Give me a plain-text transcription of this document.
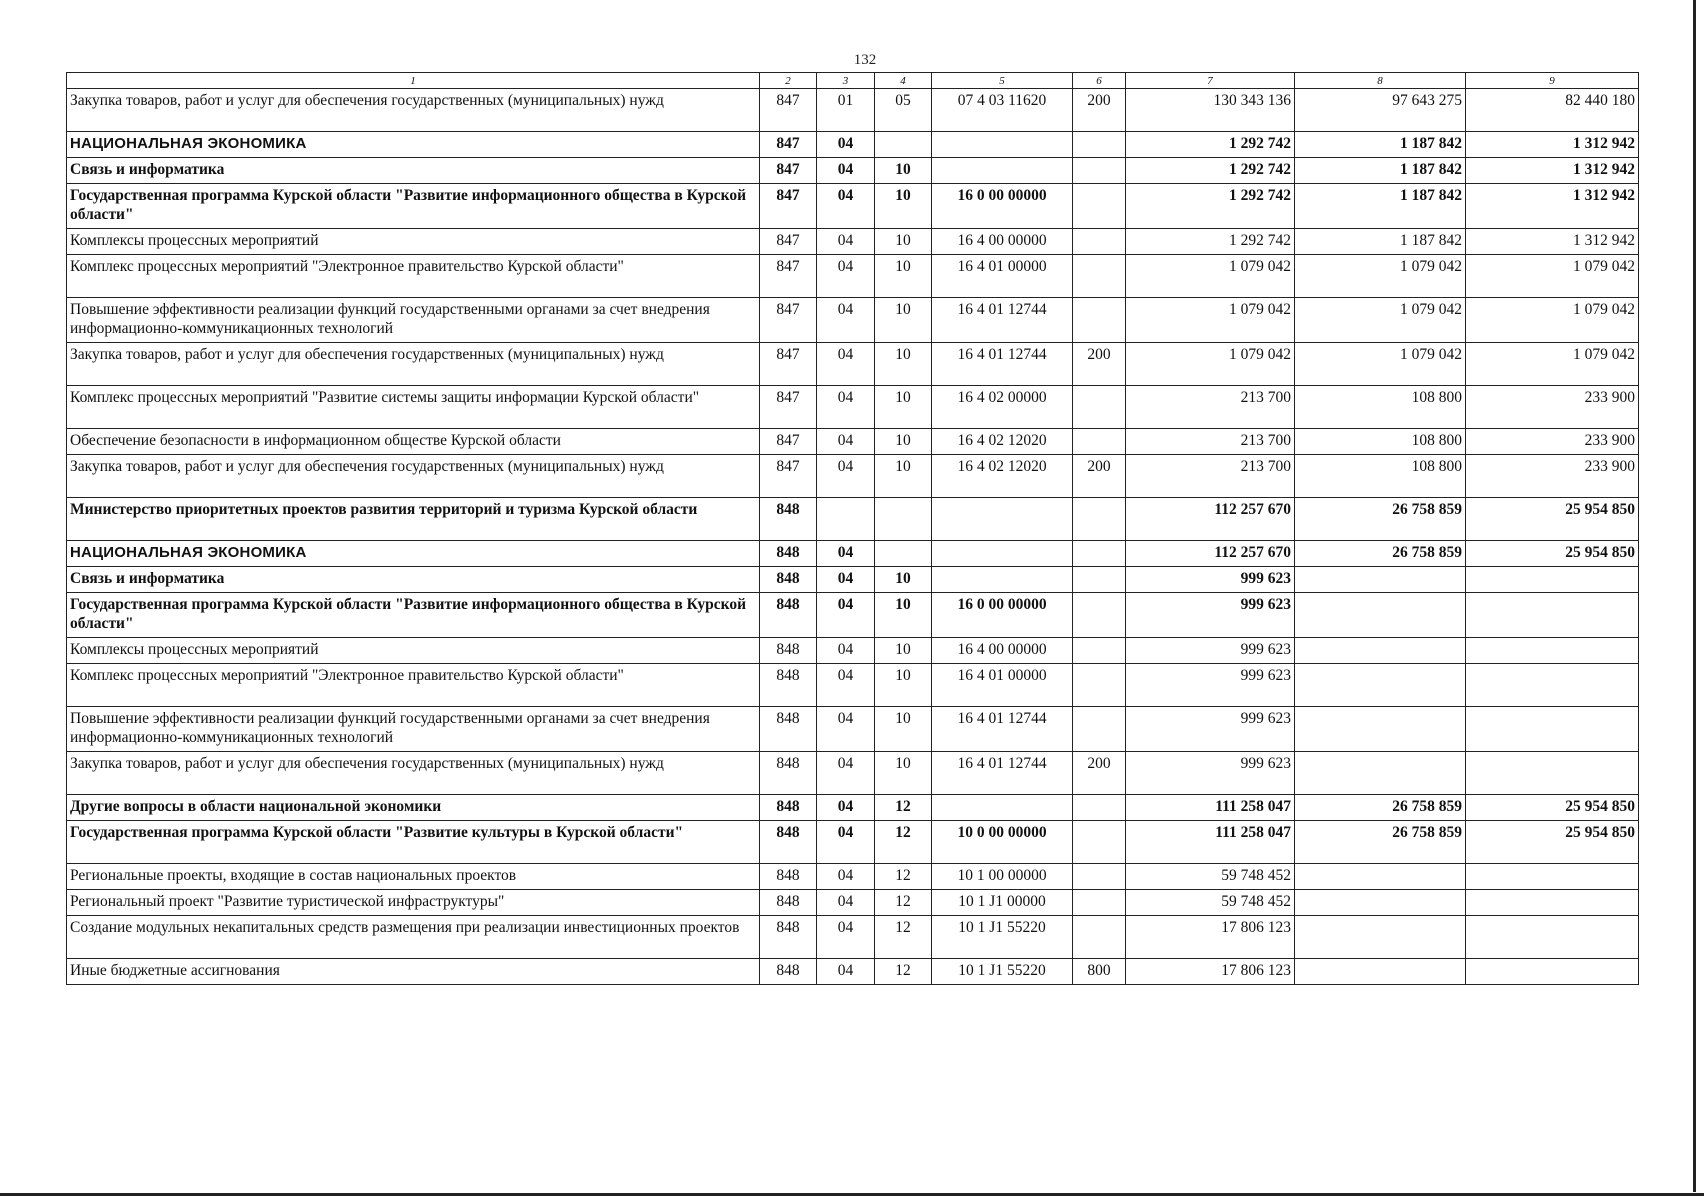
132
1	2	3	4	5	6	7	8	9
Закупка товаров, работ и услуг для обеспечения государственных (муниципальных) нужд	847	01	05	07 4 03 11620	200	130 343 136	97 643 275	82 440 180
НАЦИОНАЛЬНАЯ ЭКОНОМИКА	847	04				1 292 742	1 187 842	1 312 942
Связь и информатика	847	04	10			1 292 742	1 187 842	1 312 942
Государственная программа Курской области "Развитие информационного общества в Курской области"	847	04	10	16 0 00 00000		1 292 742	1 187 842	1 312 942
Комплексы процессных мероприятий	847	04	10	16 4 00 00000		1 292 742	1 187 842	1 312 942
Комплекс процессных мероприятий "Электронное правительство Курской области"	847	04	10	16 4 01 00000		1 079 042	1 079 042	1 079 042
Повышение эффективности реализации функций государственными органами за счет внедрения информационно-коммуникационных технологий	847	04	10	16 4 01 12744		1 079 042	1 079 042	1 079 042
Закупка товаров, работ и услуг для обеспечения государственных (муниципальных) нужд	847	04	10	16 4 01 12744	200	1 079 042	1 079 042	1 079 042
Комплекс процессных мероприятий "Развитие системы защиты информации Курской области"	847	04	10	16 4 02 00000		213 700	108 800	233 900
Обеспечение безопасности в информационном обществе Курской области	847	04	10	16 4 02 12020		213 700	108 800	233 900
Закупка товаров, работ и услуг для обеспечения государственных (муниципальных) нужд	847	04	10	16 4 02 12020	200	213 700	108 800	233 900
Министерство приоритетных проектов развития территорий и туризма Курской области	848					112 257 670	26 758 859	25 954 850
НАЦИОНАЛЬНАЯ ЭКОНОМИКА	848	04				112 257 670	26 758 859	25 954 850
Связь и информатика	848	04	10			999 623		
Государственная программа Курской области "Развитие информационного общества в Курской области"	848	04	10	16 0 00 00000		999 623		
Комплексы процессных мероприятий	848	04	10	16 4 00 00000		999 623		
Комплекс процессных мероприятий "Электронное правительство Курской области"	848	04	10	16 4 01 00000		999 623		
Повышение эффективности реализации функций государственными органами за счет внедрения информационно-коммуникационных технологий	848	04	10	16 4 01 12744		999 623		
Закупка товаров, работ и услуг для обеспечения государственных (муниципальных) нужд	848	04	10	16 4 01 12744	200	999 623		
Другие вопросы в области национальной экономики	848	04	12			111 258 047	26 758 859	25 954 850
Государственная программа Курской области "Развитие культуры в Курской области"	848	04	12	10 0 00 00000		111 258 047	26 758 859	25 954 850
Региональные проекты, входящие в состав национальных проектов	848	04	12	10 1 00 00000		59 748 452		
Региональный проект "Развитие туристической инфраструктуры"	848	04	12	10 1 J1 00000		59 748 452		
Создание модульных некапитальных средств размещения при реализации инвестиционных проектов	848	04	12	10 1 J1 55220		17 806 123		
Иные бюджетные ассигнования	848	04	12	10 1 J1 55220	800	17 806 123		
